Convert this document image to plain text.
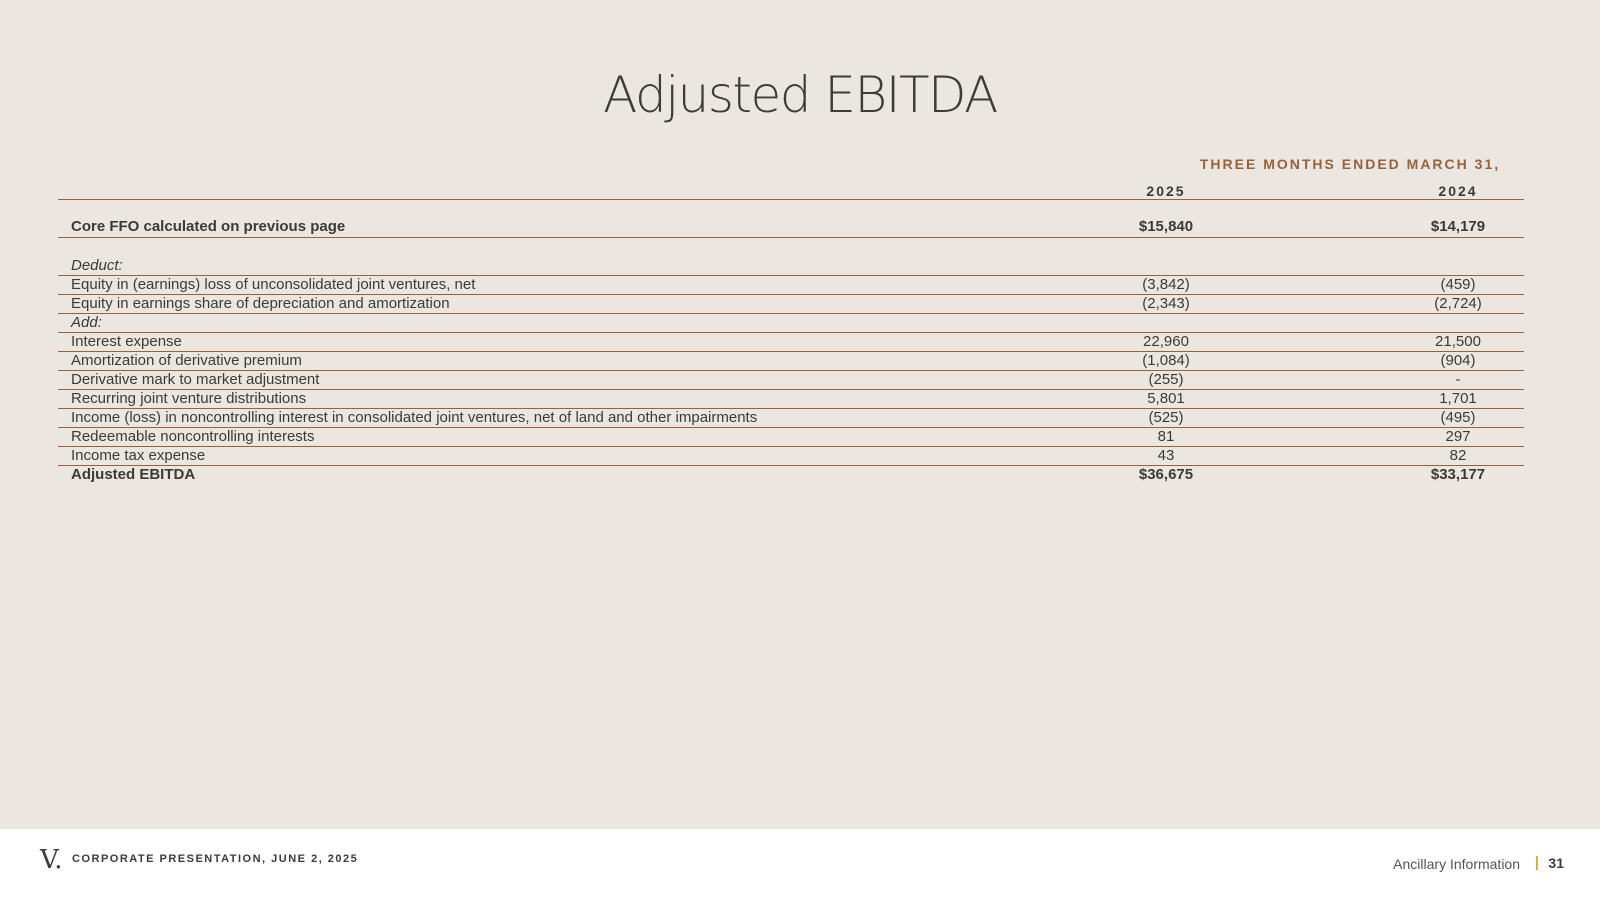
Adjusted EBITDA
THREE MONTHS ENDED MARCH 31,
2025	2024
Core FFO calculated on previous page	$15,840	$14,179
Deduct:
Equity in (earnings) loss of unconsolidated joint ventures, net	(3,842)	(459)
Equity in earnings share of depreciation and amortization	(2,343)	(2,724)
Add:
Interest expense	22,960	21,500
Amortization of derivative premium	(1,084)	(904)
Derivative mark to market adjustment	(255)	-
Recurring joint venture distributions	5,801	1,701
Income (loss) in noncontrolling interest in consolidated joint ventures, net of land and other impairments	(525)	(495)
Redeemable noncontrolling interests	81	297
Income tax expense	43	82
Adjusted EBITDA	$36,675	$33,177
V. CORPORATE PRESENTATION, JUNE 2, 2025	Ancillary Information | 31
